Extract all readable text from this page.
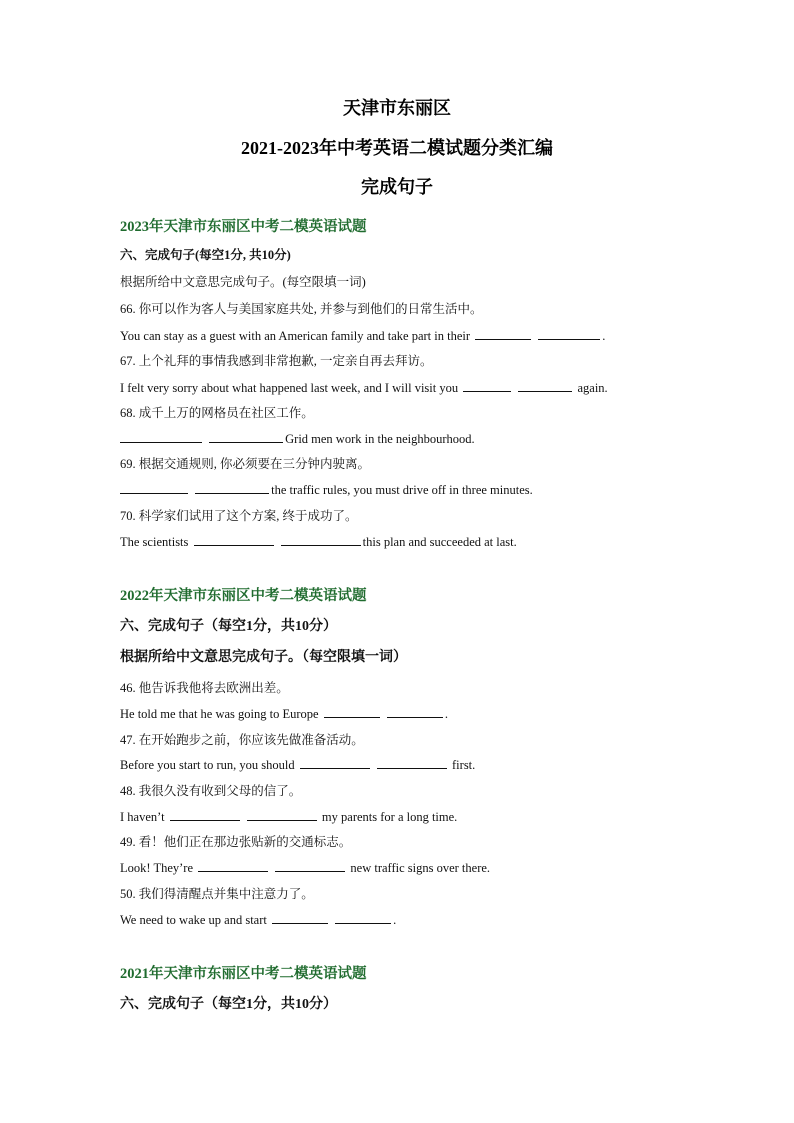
天津市东丽区
2021-2023年中考英语二模试题分类汇编
完成句子
2023年天津市东丽区中考二模英语试题
六、完成句子(每空1分, 共10分)
根据所给中文意思完成句子。(每空限填一词)
66. 你可以作为客人与美国家庭共处, 并参与到他们的日常生活中。
You can stay as a guest with an American family and take part in their	.
67. 上个礼拜的事情我感到非常抱歉, 一定亲自再去拜访。
I felt very sorry about what happened last week, and I will visit you	again.
68. 成千上万的网格员在社区工作。
Grid men work in the neighbourhood.
69. 根据交通规则, 你必须要在三分钟内驶离。
the traffic rules, you must drive off in three minutes.
70. 科学家们试用了这个方案, 终于成功了。
The scientists	this plan and succeeded at last.
2022年天津市东丽区中考二模英语试题
六、完成句子（每空1分，共10分）
根据所给中文意思完成句子。（每空限填一词）
46. 他告诉我他将去欧洲出差。
He told me that he was going to Europe	.
47. 在开始跑步之前，你应该先做准备活动。
Before you start to run, you should	first.
48. 我很久没有收到父母的信了。
I haven’t	my parents for a long time.
49. 看！他们正在那边张贴新的交通标志。
Look! They’re	new traffic signs over there.
50. 我们得清醒点并集中注意力了。
We need to wake up and start	.
2021年天津市东丽区中考二模英语试题
六、完成句子（每空1分，共10分）
